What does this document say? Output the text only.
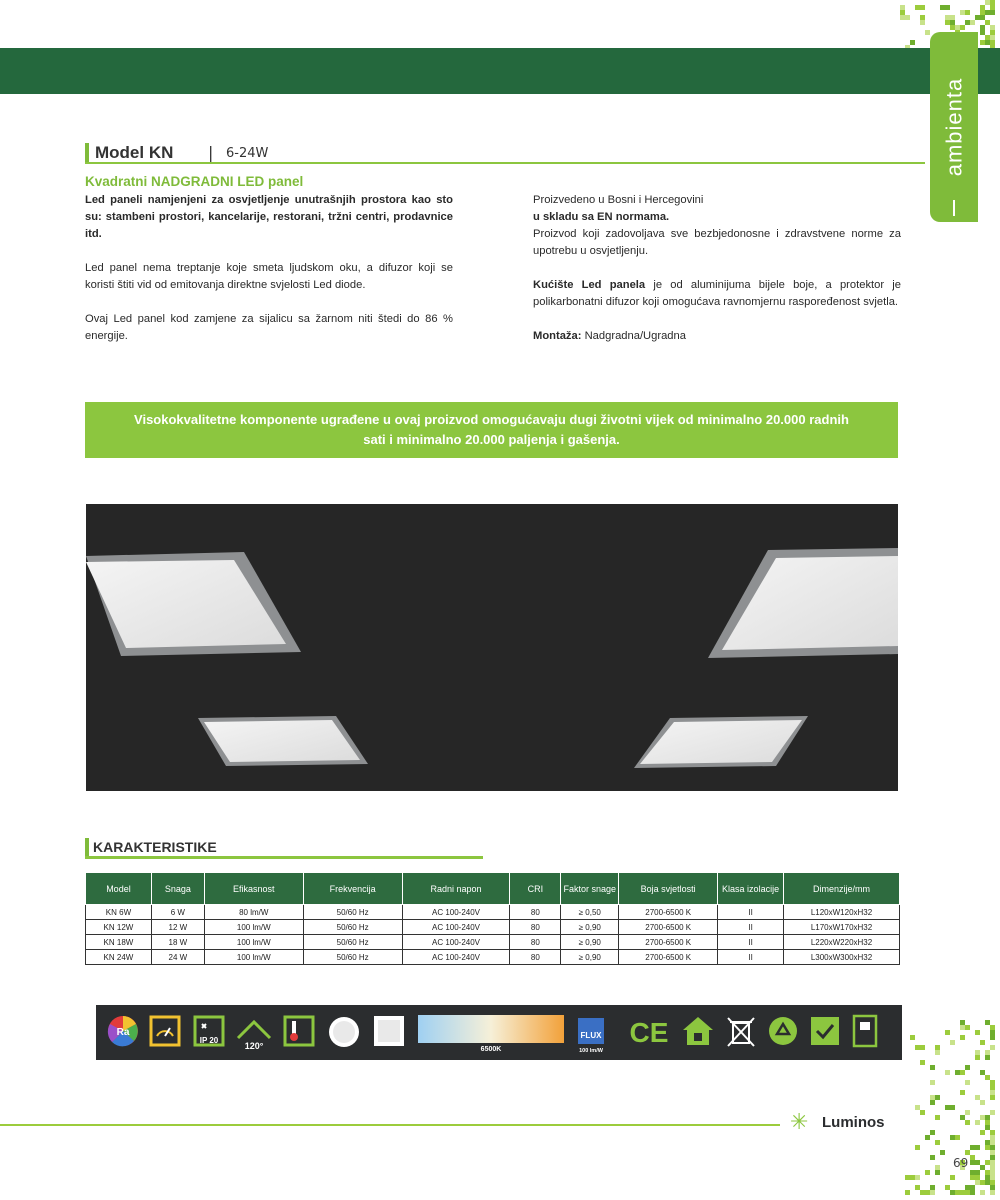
ambienta
Model KN | 6-24W
Kvadratni NADGRADNI LED panel

Led paneli namjenjeni za osvjetljenje unutrašnjih prostora kao sto su: stambeni prostori, kancelarije, restorani, tržni centri, prodavnice itd.

Led panel nema treptanje koje smeta ljudskom oku, a difuzor koji se koristi štiti vid od emitovanja direktne svjelosti Led diode.

Ovaj Led panel kod zamjene za sijalicu sa žarnom niti štedi do 86 % energije.

Proizvedeno u Bosni i Hercegovini
u skladu sa EN normama.
Proizvod koji zadovoljava sve bezbjedonosne i zdravstvene norme za upotrebu u osvjetljenju.

Kućište Led panela je od aluminijuma bijele boje, a protektor je polikarbonatni difuzor koji omogućava ravnomjernu raspoređenost svjetla.

Montaža: Nadgradna/Ugradna

Visokokvalitetne komponente ugrađene u ovaj proizvod omogućavaju dugi životni vijek od minimalno 20.000 radnih sati i minimalno 20.000 paljenja i gašenja.
KARAKTERISTIKE
Model	Snaga	Efikasnost	Frekvencija	Radni napon	CRI	Faktor snage	Boja svjetlosti	Klasa izolacije	Dimenzije/mm
KN 6W	6 W	80 lm/W	50/60 Hz	AC 100-240V	80	≥ 0,50	2700-6500 K	II	L120xW120xH32
KN 12W	12 W	100 lm/W	50/60 Hz	AC 100-240V	80	≥ 0,90	2700-6500 K	II	L170xW170xH32
KN 18W	18 W	100 lm/W	50/60 Hz	AC 100-240V	80	≥ 0,90	2700-6500 K	II	L220xW220xH32
KN 24W	24 W	100 lm/W	50/60 Hz	AC 100-240V	80	≥ 0,90	2700-6500 K	II	L300xW300xH32
Ra
IP 20
120°	6500K
FLUX
100 lm/W
CE
✳ Luminos
69
